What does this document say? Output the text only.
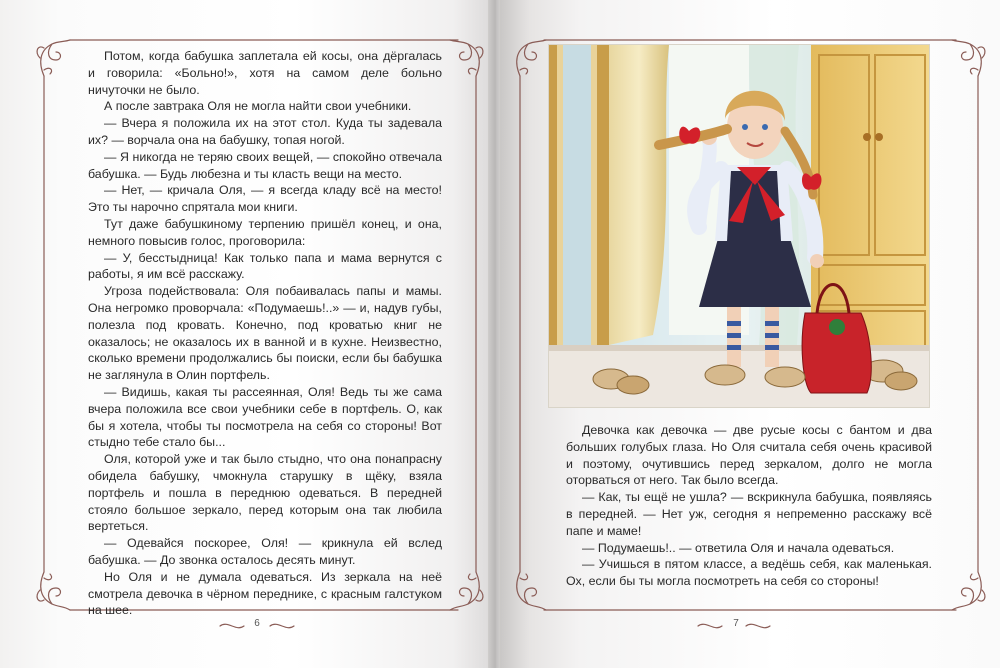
Потом, когда бабушка заплетала ей косы, она дёргалась и говорила: «Больно!», хотя на самом деле больно ничуточки не было.

А после завтрака Оля не могла найти свои учебники.

— Вчера я положила их на этот стол. Куда ты задевала их? — ворчала она на бабушку, топая ногой.

— Я никогда не теряю своих вещей, — спокойно отвечала бабушка. — Будь любезна и ты класть вещи на место.

— Нет, — кричала Оля, — я всегда кладу всё на место! Это ты нарочно спрятала мои книги.

Тут даже бабушкиному терпению пришёл конец, и она, немного повысив голос, проговорила:

— У, бесстыдница! Как только папа и мама вернутся с работы, я им всё расскажу.

Угроза подействовала: Оля побаивалась папы и мамы. Она негромко проворчала: «Подумаешь!..» — и, надув губы, полезла под кровать. Конечно, под кроватью книг не оказалось; не оказалось их в ванной и в кухне. Неизвестно, сколько времени продолжались бы поиски, если бы бабушка не заглянула в Олин портфель.

— Видишь, какая ты рассеянная, Оля! Ведь ты же сама вчера положила все свои учебники себе в портфель. О, как бы я хотела, чтобы ты посмотрела на себя со стороны! Вот стыдно тебе стало бы...

Оля, которой уже и так было стыдно, что она понапрасну обидела бабушку, чмокнула старушку в щёку, взяла портфель и пошла в переднюю одеваться. В передней стояло большое зеркало, перед которым она так любила вертеться.

— Одевайся поскорее, Оля! — крикнула ей вслед бабушка. — До звонка осталось десять минут.

Но Оля и не думала одеваться. Из зеркала на неё смотрела девочка в чёрном переднике, с красным галстуком на шее.

6

Девочка как девочка — две русые косы с бантом и два больших голубых глаза. Но Оля считала себя очень красивой и поэтому, очутившись перед зеркалом, долго не могла оторваться от него. Так было всегда.

— Как, ты ещё не ушла? — вскрикнула бабушка, появляясь в передней. — Нет уж, сегодня я непременно расскажу всё папе и маме!

— Подумаешь!.. — ответила Оля и начала одеваться.

— Учишься в пятом классе, а ведёшь себя, как маленькая. Ох, если бы ты могла посмотреть на себя со стороны!

7
